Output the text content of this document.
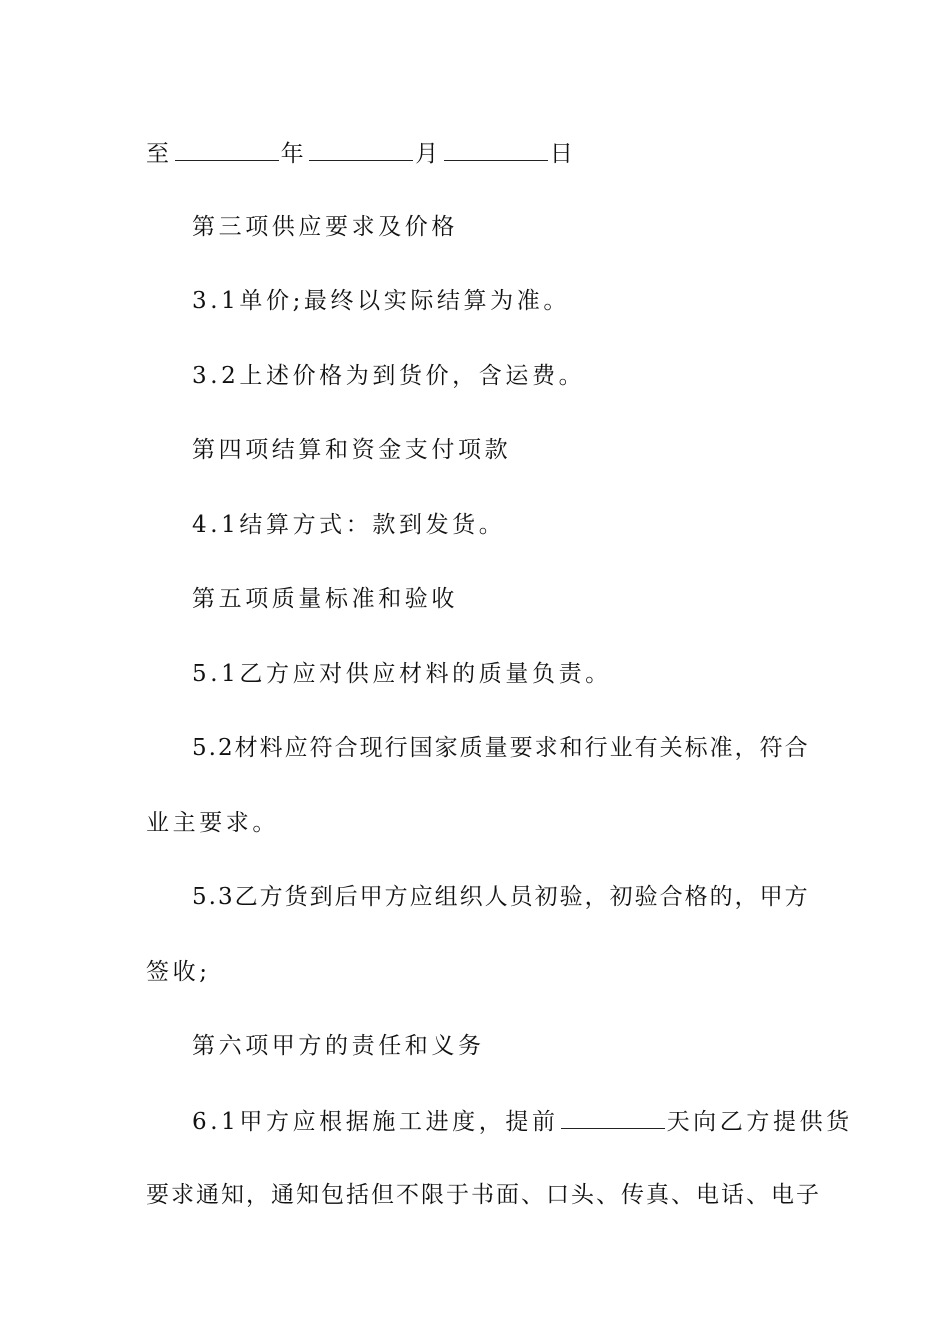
至	年	月	日
第三项供应要求及价格
3.1单价;最终以实际结算为准。
3.2上述价格为到货价，含运费。
第四项结算和资金支付项款
4.1结算方式：款到发货。
第五项质量标准和验收
5.1乙方应对供应材料的质量负责。
5.2材料应符合现行国家质量要求和行业有关标准，符合
业主要求。
5.3乙方货到后甲方应组织人员初验，初验合格的，甲方
签收;
第六项甲方的责任和义务
6.1甲方应根据施工进度，提前	天向乙方提供货
要求通知，通知包括但不限于书面、口头、传真、电话、电子
